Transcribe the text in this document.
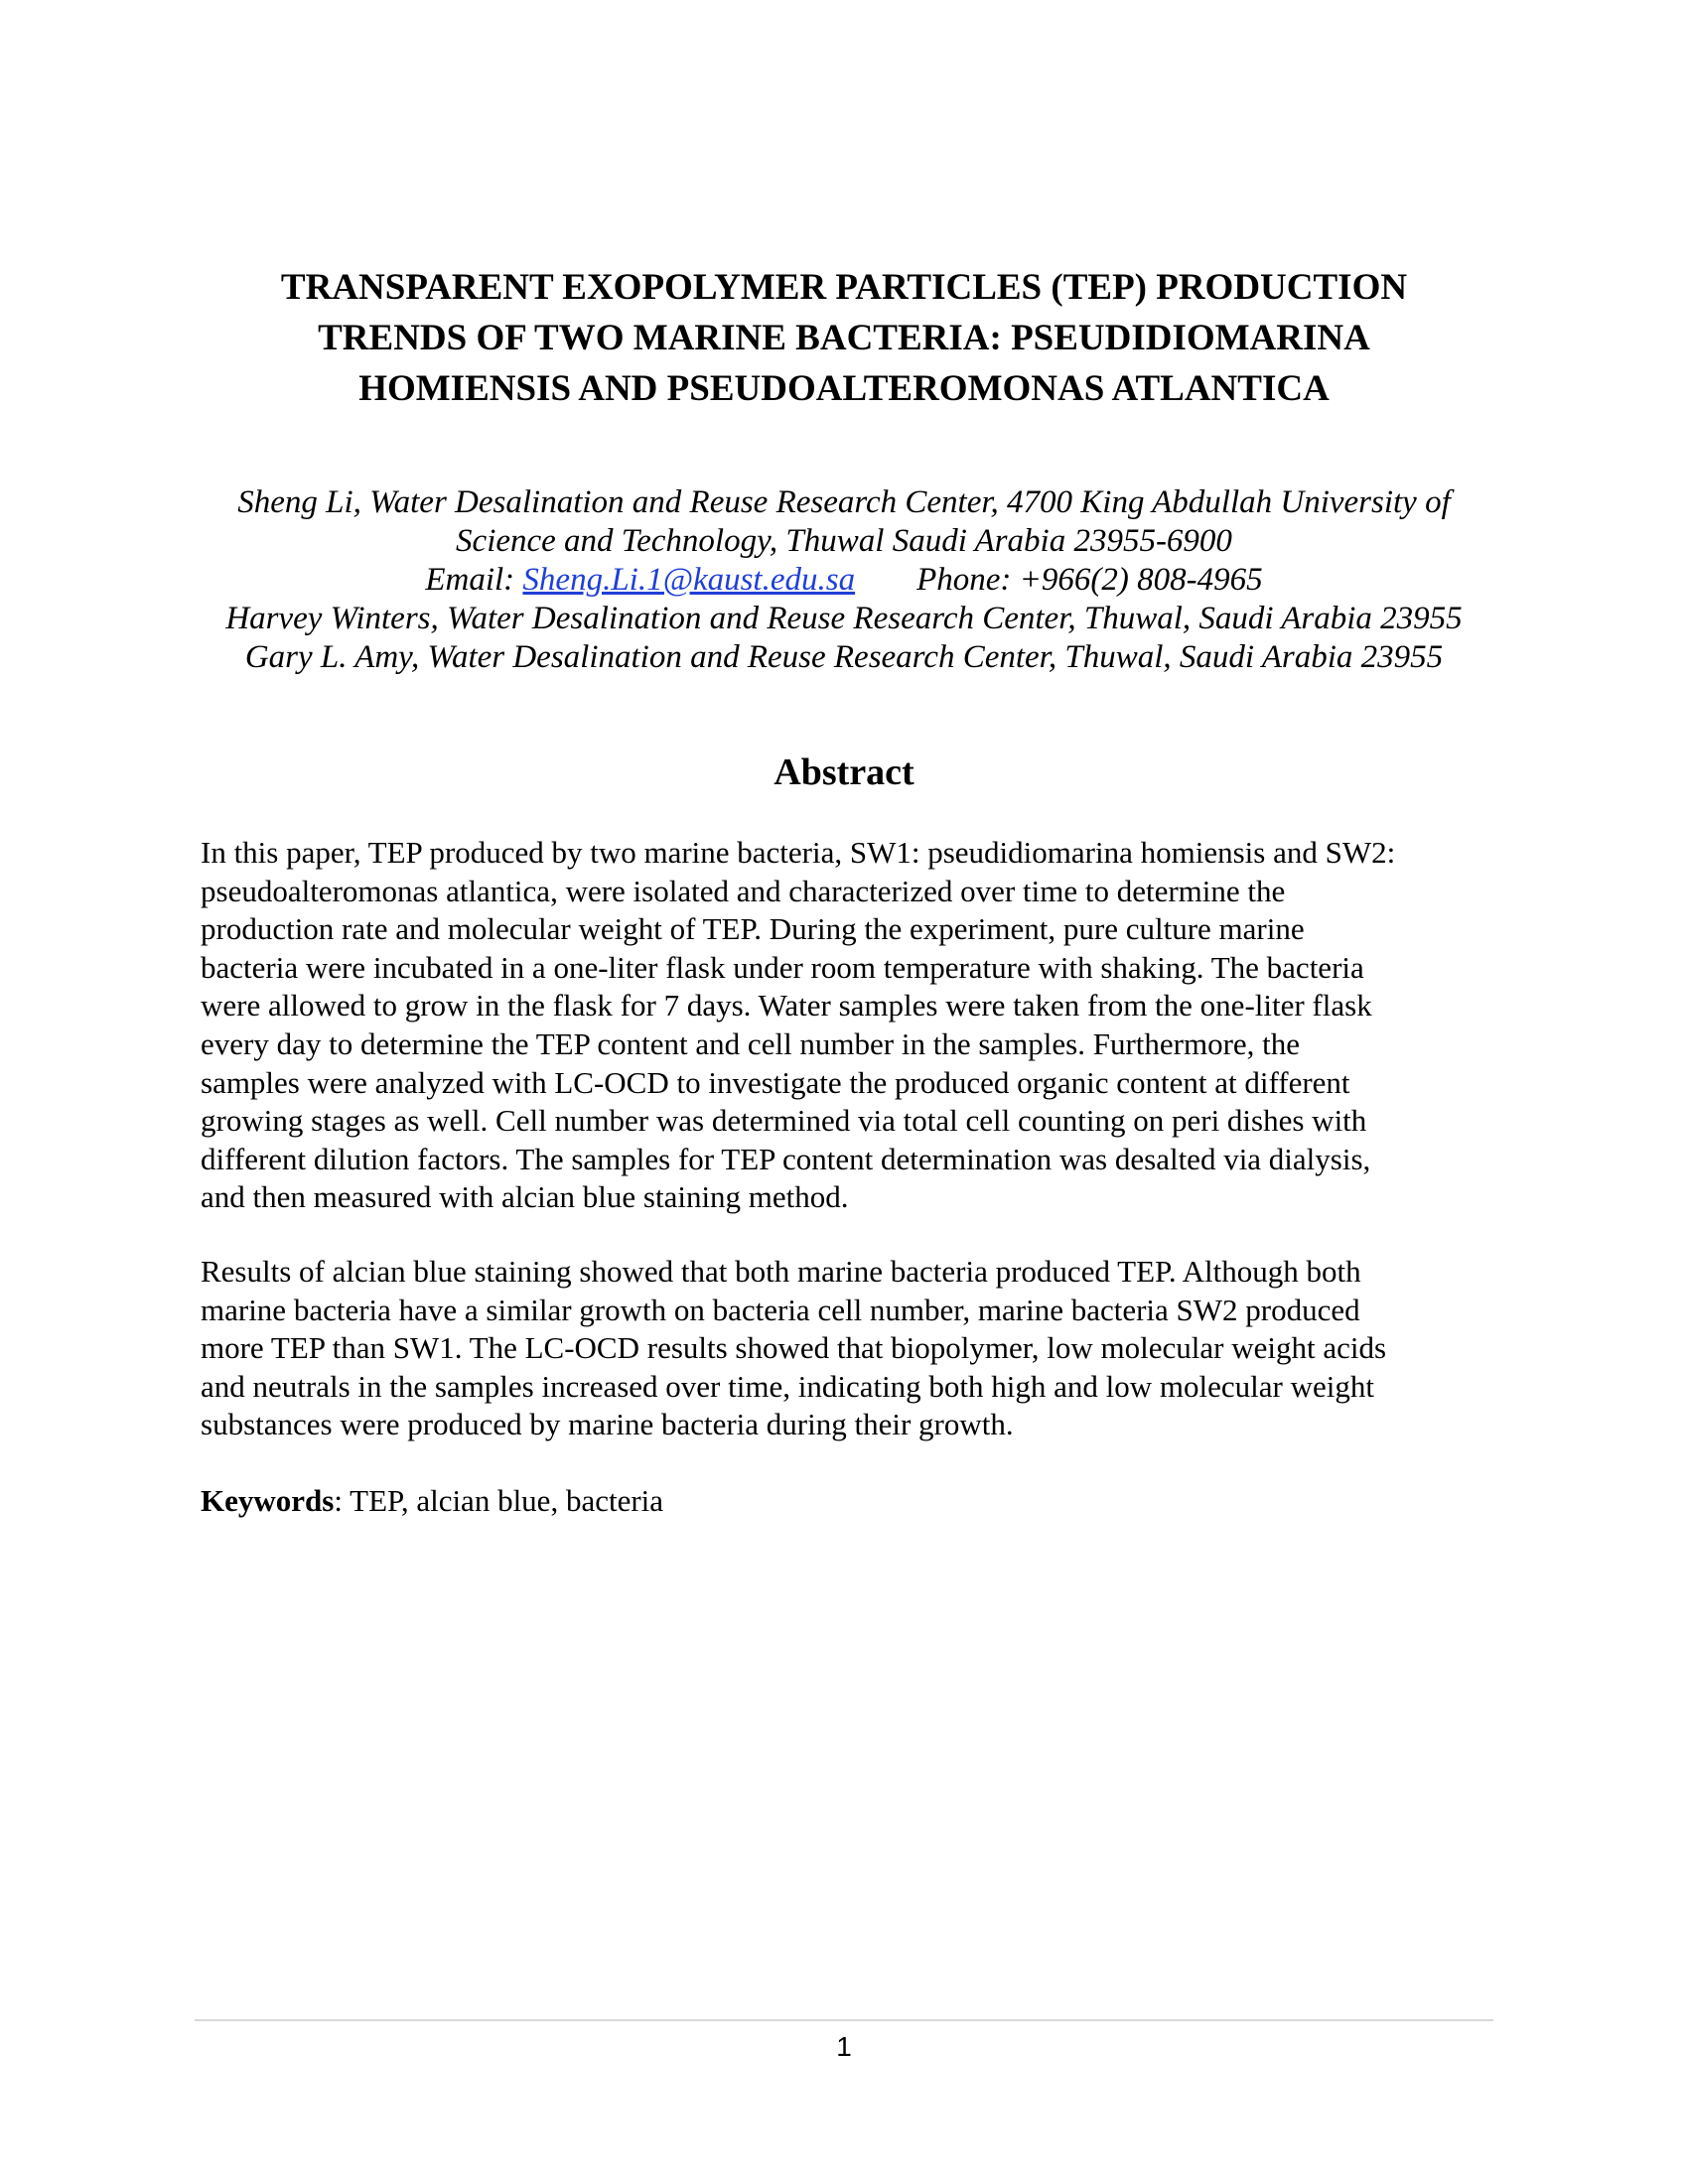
TRANSPARENT EXOPOLYMER PARTICLES (TEP) PRODUCTION
TRENDS OF TWO MARINE BACTERIA: PSEUDIDIOMARINA
HOMIENSIS AND PSEUDOALTEROMONAS ATLANTICA
Sheng Li, Water Desalination and Reuse Research Center, 4700 King Abdullah University of
Science and Technology, Thuwal Saudi Arabia 23955-6900
Email: Sheng.Li.1@kaust.edu.sa Phone: +966(2) 808-4965
Harvey Winters, Water Desalination and Reuse Research Center, Thuwal, Saudi Arabia 23955
Gary L. Amy, Water Desalination and Reuse Research Center, Thuwal, Saudi Arabia 23955
Abstract

In this paper, TEP produced by two marine bacteria, SW1: pseudidiomarina homiensis and SW2:
pseudoalteromonas atlantica, were isolated and characterized over time to determine the
production rate and molecular weight of TEP. During the experiment, pure culture marine
bacteria were incubated in a one-liter flask under room temperature with shaking. The bacteria
were allowed to grow in the flask for 7 days. Water samples were taken from the one-liter flask
every day to determine the TEP content and cell number in the samples. Furthermore, the
samples were analyzed with LC-OCD to investigate the produced organic content at different
growing stages as well. Cell number was determined via total cell counting on peri dishes with
different dilution factors. The samples for TEP content determination was desalted via dialysis,
and then measured with alcian blue staining method.

Results of alcian blue staining showed that both marine bacteria produced TEP. Although both
marine bacteria have a similar growth on bacteria cell number, marine bacteria SW2 produced
more TEP than SW1. The LC-OCD results showed that biopolymer, low molecular weight acids
and neutrals in the samples increased over time, indicating both high and low molecular weight
substances were produced by marine bacteria during their growth.

Keywords: TEP, alcian blue, bacteria

1
